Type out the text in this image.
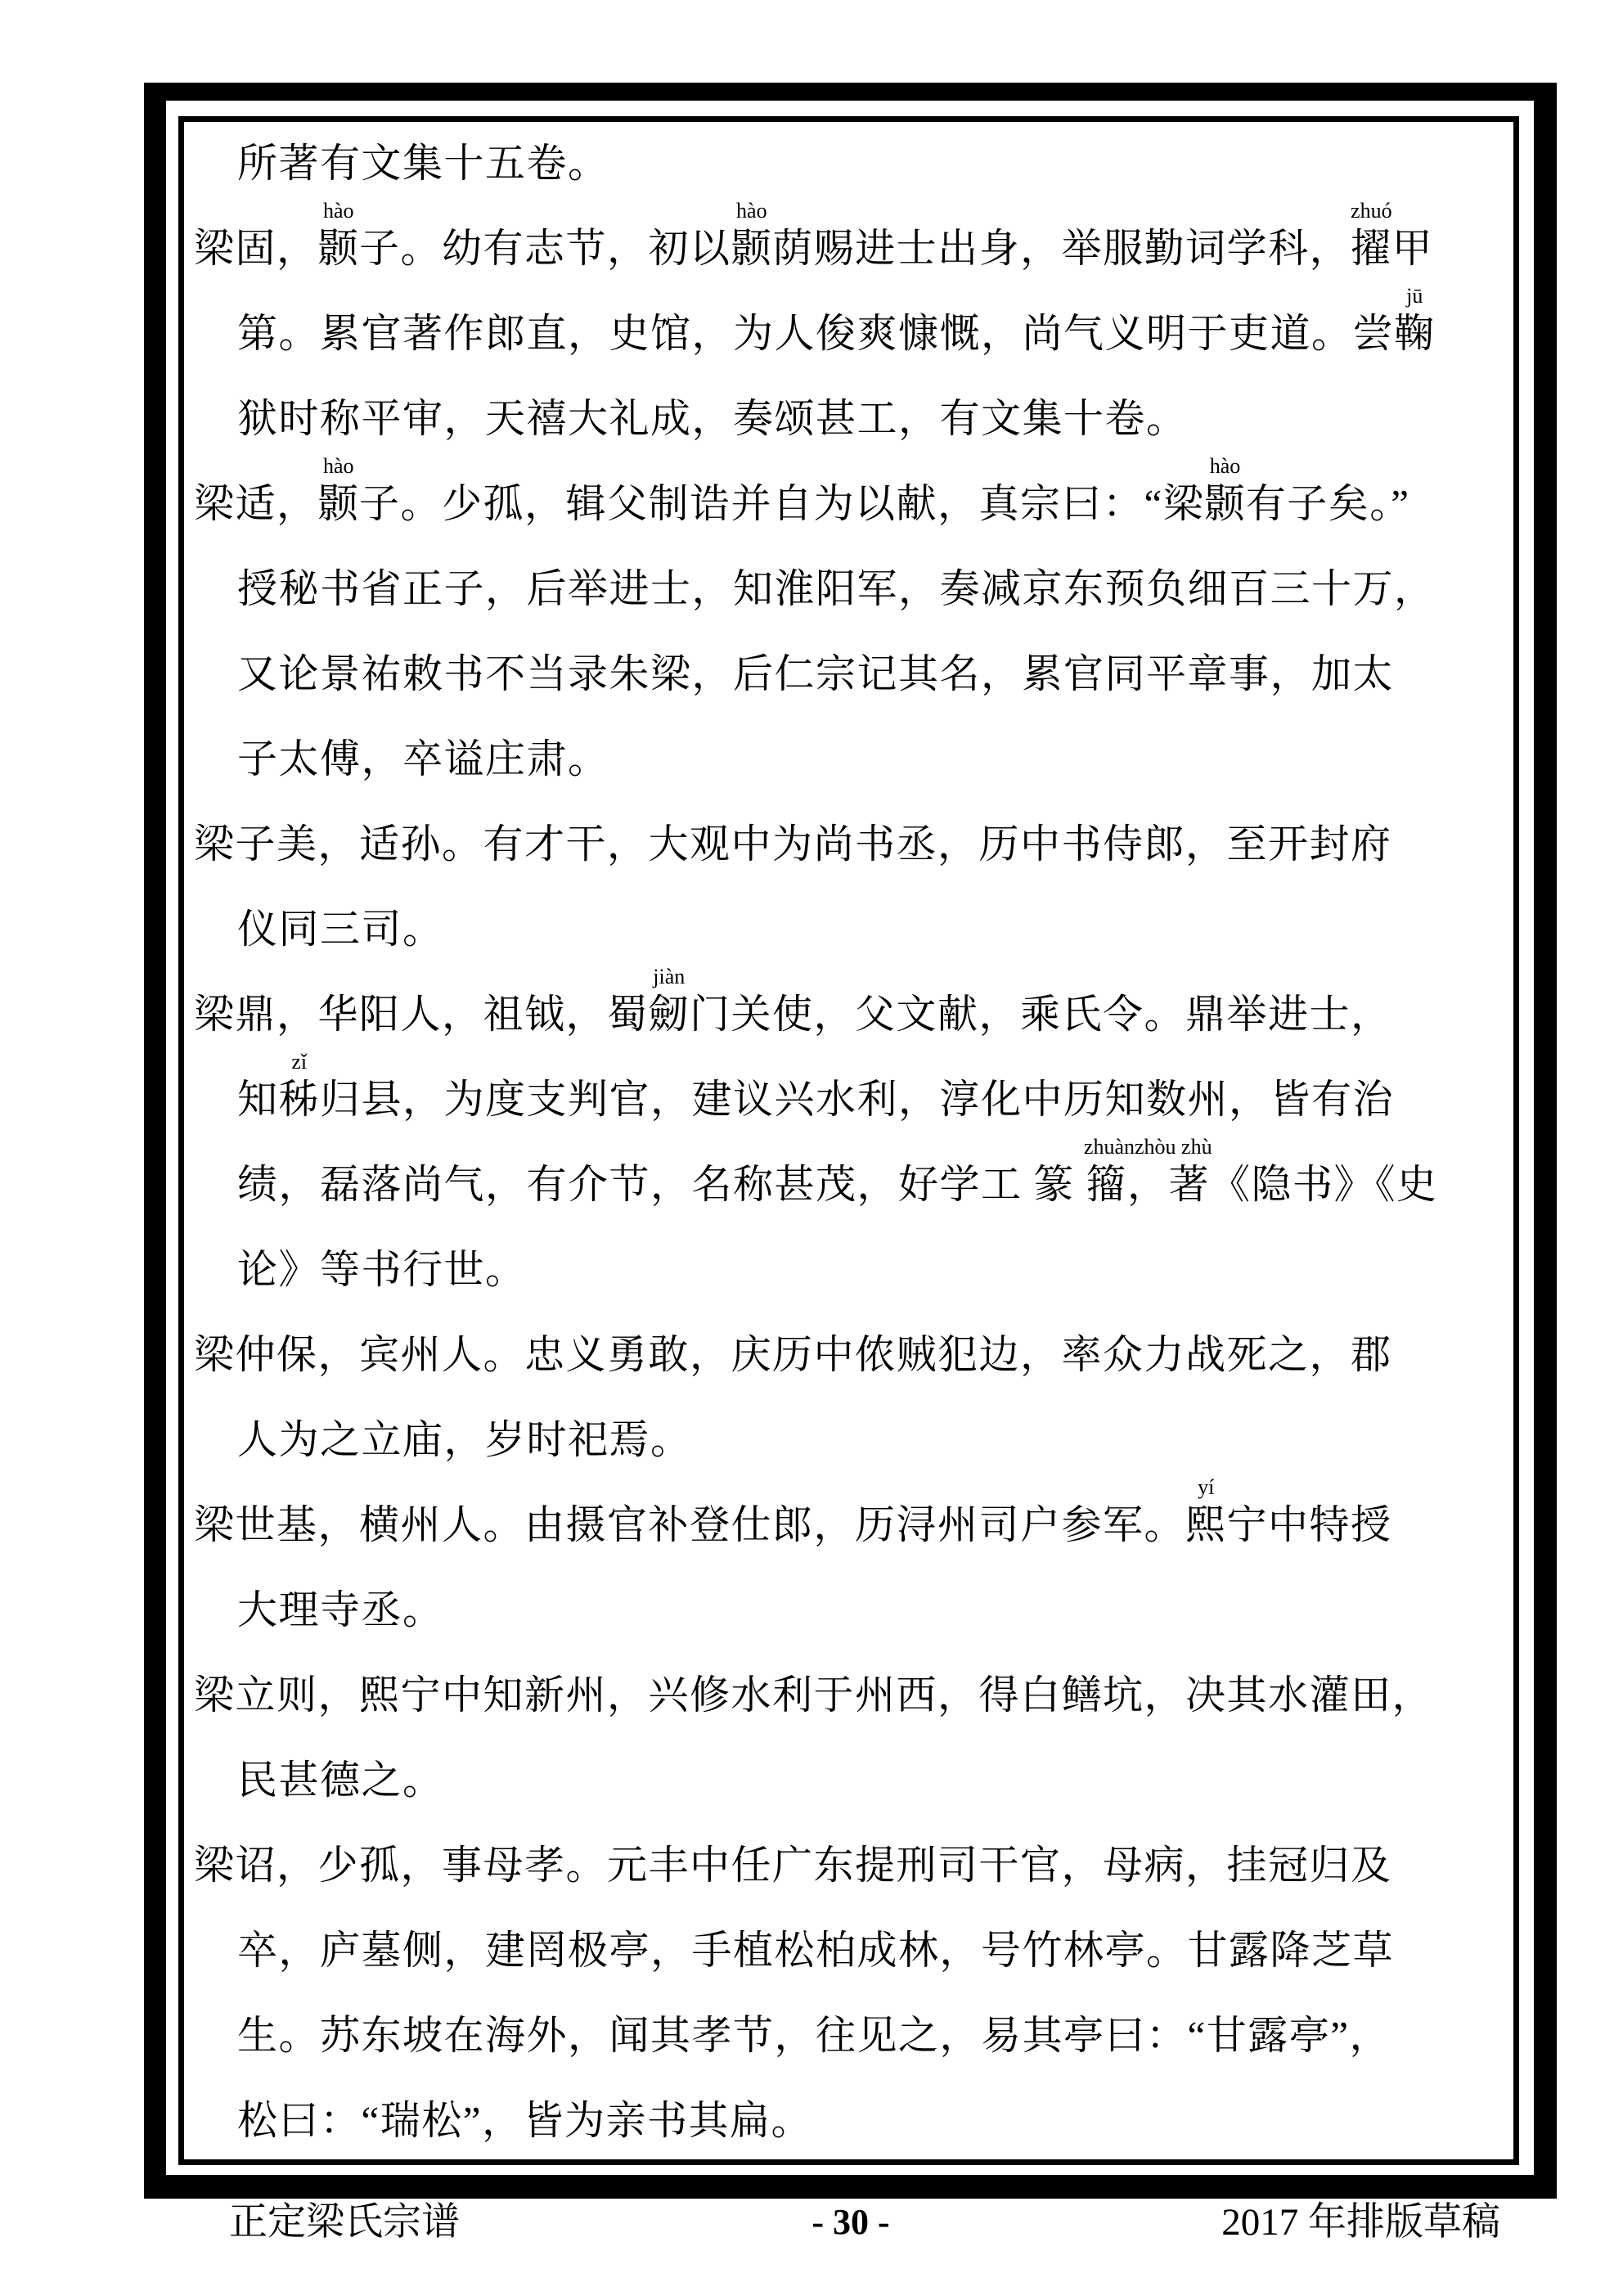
所著有文集十五卷。
梁固，颢
hào
子。幼有志节，初以颢
hào
荫赐进士出身，举服勤词学科，擢
zhuó
甲
第。累官著作郎直，史馆，为人俊爽慷慨，尚气义明于吏道。尝鞠
jū
狱时称平审，天禧大礼成，奏颂甚工，有文集十卷。
梁适，颢
hào
子。少孤，辑父制诰并自为以献，真宗曰：“梁颢
hào
有子矣。”
授秘书省正子，后举进士，知淮阳军，奏减京东预负细百三十万，
又论景祐敕书不当录朱梁，后仁宗记其名，累官同平章事，加太
子太傅，卒谥庄肃。
梁子美，适孙。有才干，大观中为尚书丞，历中书侍郎，至开封府
仪同三司。
梁鼎，华阳人，祖钺，蜀劒
jiàn
门关使，父文献，乘氏令。鼎举进士，
知秭
zǐ
归县，为度支判官，建议兴水利，淳化中历知数州，皆有治
绩，磊落尚气，有介节，名称甚茂，好学工 篆 籀，著
zhuànzhòu zhù
《隐书》《史
论》等书行世。
梁仲保，宾州人。忠义勇敢，庆历中侬贼犯边，率众力战死之，郡
人为之立庙，岁时祀焉。
梁世基，横州人。由摄官补登仕郎，历浔州司户参军。熙
yí
宁中特授
大理寺丞。
梁立则，熙宁中知新州，兴修水利于州西，得白鳝坑，决其水灌田，
民甚德之。
梁诏，少孤，事母孝。元丰中任广东提刑司干官，母病，挂冠归及
卒，庐墓侧，建罔极亭，手植松柏成林，号竹林亭。甘露降芝草
生。苏东坡在海外，闻其孝节，往见之，易其亭曰：“甘露亭”，
松曰：“瑞松”，皆为亲书其扁。
正定梁氏宗谱	- 30 -	2017 年排版草稿
